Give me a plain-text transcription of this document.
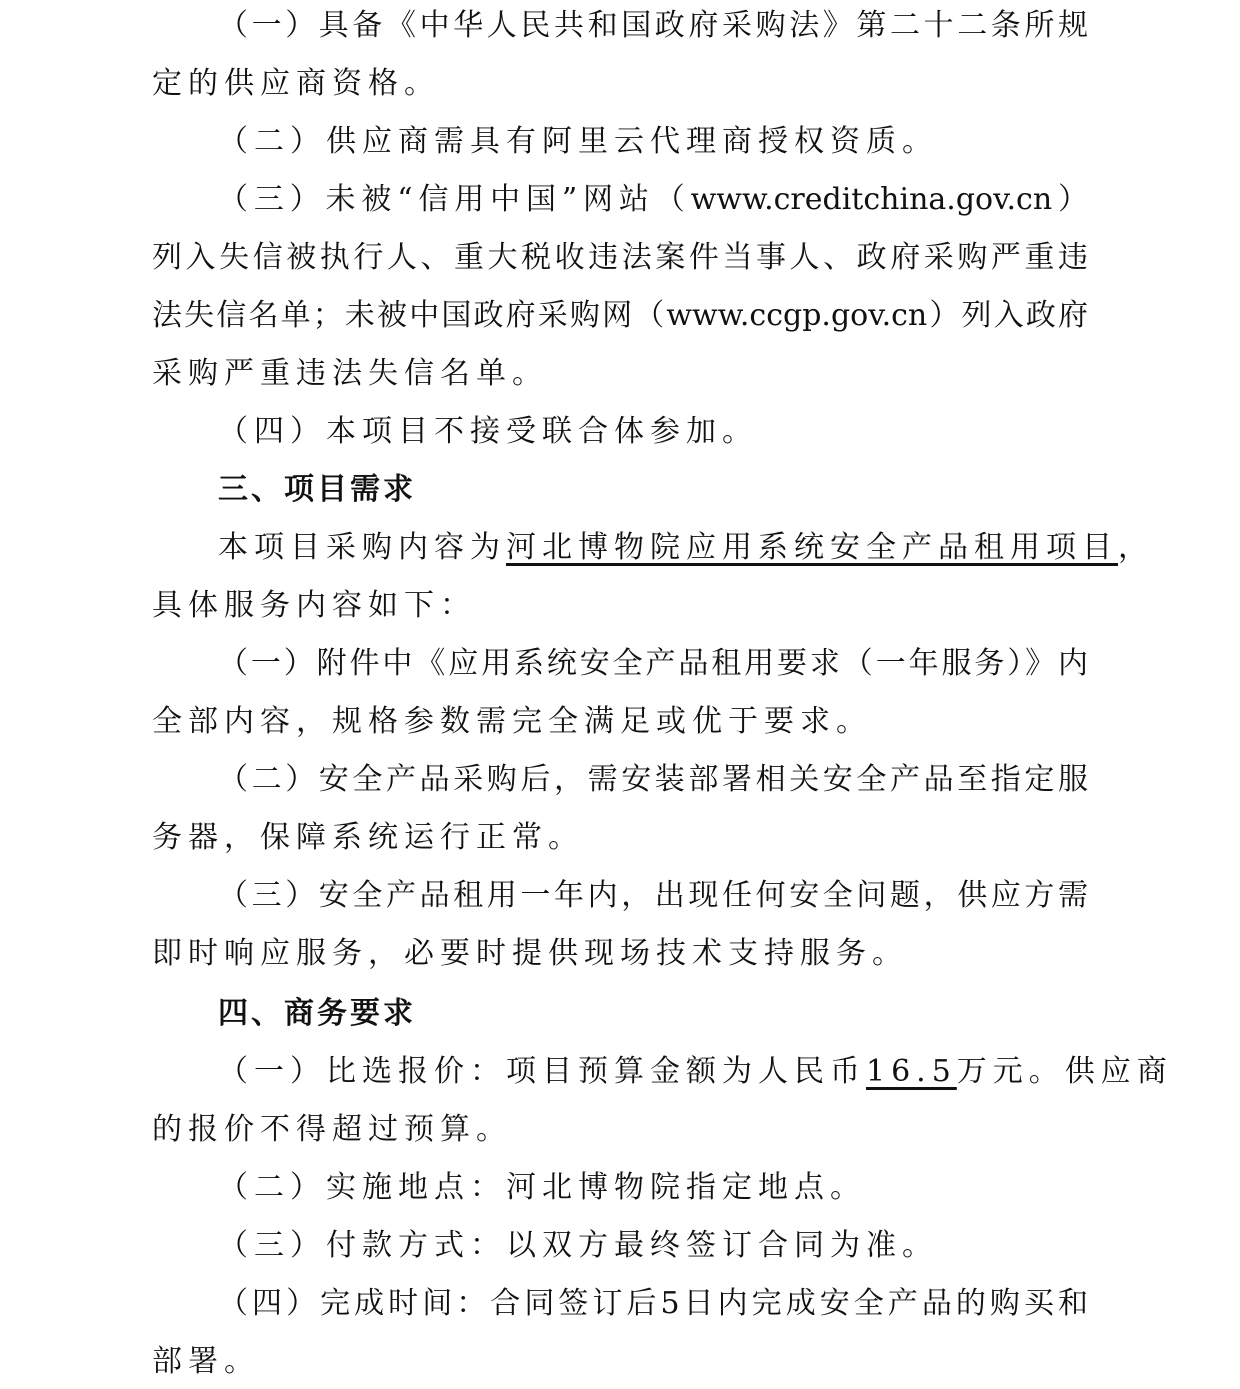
（一）具备《中华人民共和国政府采购法》第二十二条所规
定的供应商资格。
（二）供应商需具有阿里云代理商授权资质。
（三）未被“信用中国”网站（www.creditchina.gov.cn）
列入失信被执行人、重大税收违法案件当事人、政府采购严重违
法失信名单；未被中国政府采购网（www.ccgp.gov.cn）列入政府
采购严重违法失信名单。
（四）本项目不接受联合体参加。
三、项目需求
本项目采购内容为河北博物院应用系统安全产品租用项目，
具体服务内容如下：
（一）附件中《应用系统安全产品租用要求（一年服务）》内
全部内容，规格参数需完全满足或优于要求。
（二）安全产品采购后，需安装部署相关安全产品至指定服
务器，保障系统运行正常。
（三）安全产品租用一年内，出现任何安全问题，供应方需
即时响应服务，必要时提供现场技术支持服务。
四、商务要求
（一）比选报价：项目预算金额为人民币16.5万元。供应商
的报价不得超过预算。
（二）实施地点：河北博物院指定地点。
（三）付款方式：以双方最终签订合同为准。
（四）完成时间：合同签订后5日内完成安全产品的购买和
部署。
